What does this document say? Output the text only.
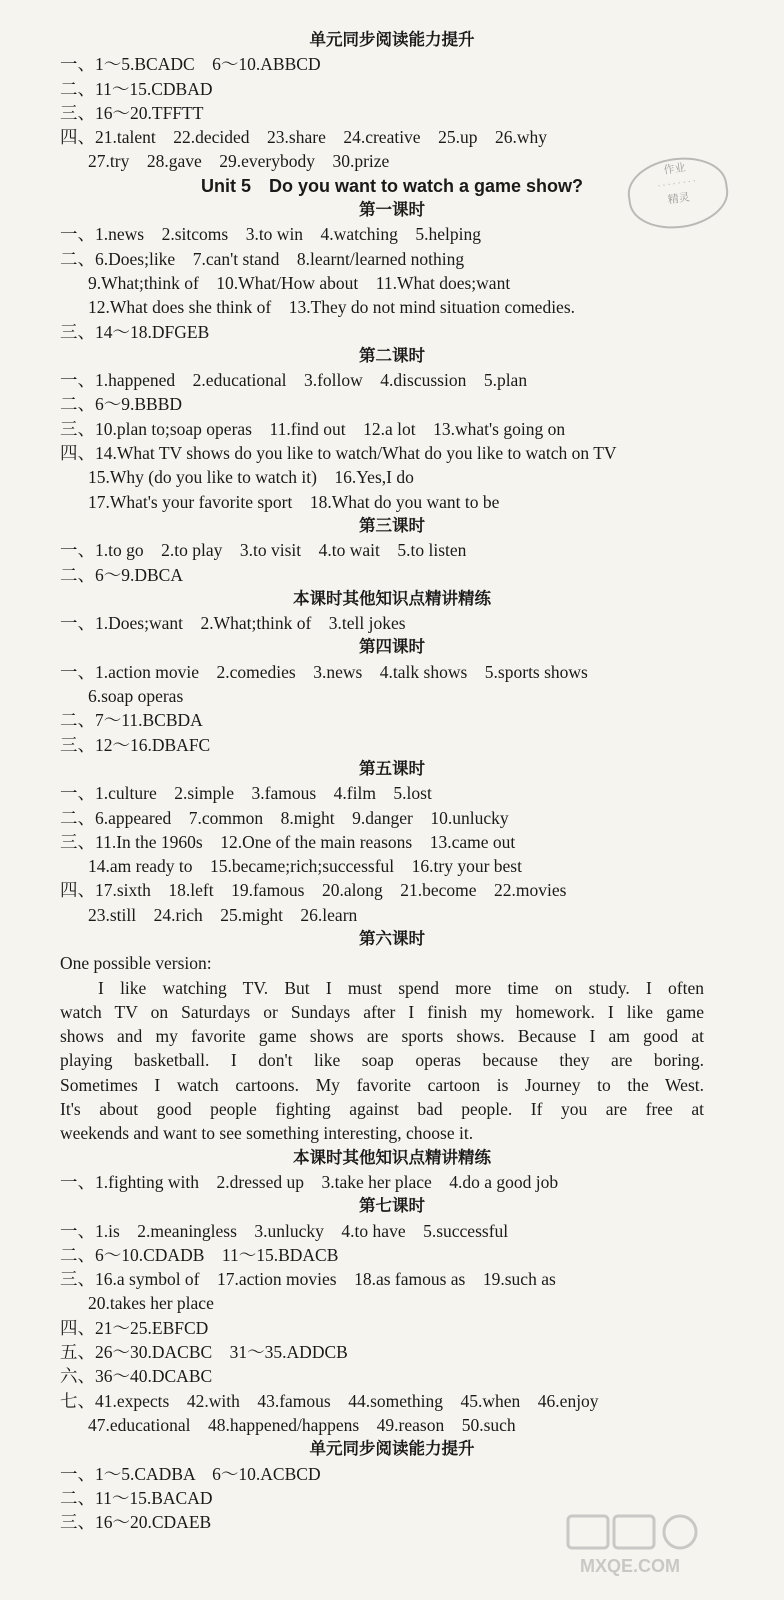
单元同步阅读能力提升
一、1～5.BCADC　6～10.ABBCD
二、11～15.CDBAD
三、16～20.TFFTT
四、21.talent　22.decided　23.share　24.creative　25.up　26.why
27.try　28.gave　29.everybody　30.prize
Unit 5　Do you want to watch a game show?
第一课时
一、1.news　2.sitcoms　3.to win　4.watching　5.helping
二、6.Does;like　7.can't stand　8.learnt/learned nothing
9.What;think of　10.What/How about　11.What does;want
12.What does she think of　13.They do not mind situation comedies.
三、14～18.DFGEB
第二课时
一、1.happened　2.educational　3.follow　4.discussion　5.plan
二、6～9.BBBD
三、10.plan to;soap operas　11.find out　12.a lot　13.what's going on
四、14.What TV shows do you like to watch/What do you like to watch on TV
15.Why (do you like to watch it)　16.Yes,I do
17.What's your favorite sport　18.What do you want to be
第三课时
一、1.to go　2.to play　3.to visit　4.to wait　5.to listen
二、6～9.DBCA
本课时其他知识点精讲精练
一、1.Does;want　2.What;think of　3.tell jokes
第四课时
一、1.action movie　2.comedies　3.news　4.talk shows　5.sports shows
6.soap operas
二、7～11.BCBDA
三、12～16.DBAFC
第五课时
一、1.culture　2.simple　3.famous　4.film　5.lost
二、6.appeared　7.common　8.might　9.danger　10.unlucky
三、11.In the 1960s　12.One of the main reasons　13.came out
14.am ready to　15.became;rich;successful　16.try your best
四、17.sixth　18.left　19.famous　20.along　21.become　22.movies
23.still　24.rich　25.might　26.learn
第六课时
One possible version:
I like watching TV. But I must spend more time on study. I often
watch TV on Saturdays or Sundays after I finish my homework. I like game
shows and my favorite game shows are sports shows. Because I am good at
playing basketball. I don't like soap operas because they are boring.
Sometimes I watch cartoons. My favorite cartoon is Journey to the West.
It's about good people fighting against bad people. If you are free at
weekends and want to see something interesting, choose it.
本课时其他知识点精讲精练
一、1.fighting with　2.dressed up　3.take her place　4.do a good job
第七课时
一、1.is　2.meaningless　3.unlucky　4.to have　5.successful
二、6～10.CDADB　11～15.BDACB
三、16.a symbol of　17.action movies　18.as famous as　19.such as
20.takes her place
四、21～25.EBFCD
五、26～30.DACBC　31～35.ADDCB
六、36～40.DCABC
七、41.expects　42.with　43.famous　44.something　45.when　46.enjoy
47.educational　48.happened/happens　49.reason　50.such
单元同步阅读能力提升
一、1～5.CADBA　6～10.ACBCD
二、11～15.BACAD
三、16～20.CDAEB
作业
· · · · · · · ·
精灵
MXQE.COM
